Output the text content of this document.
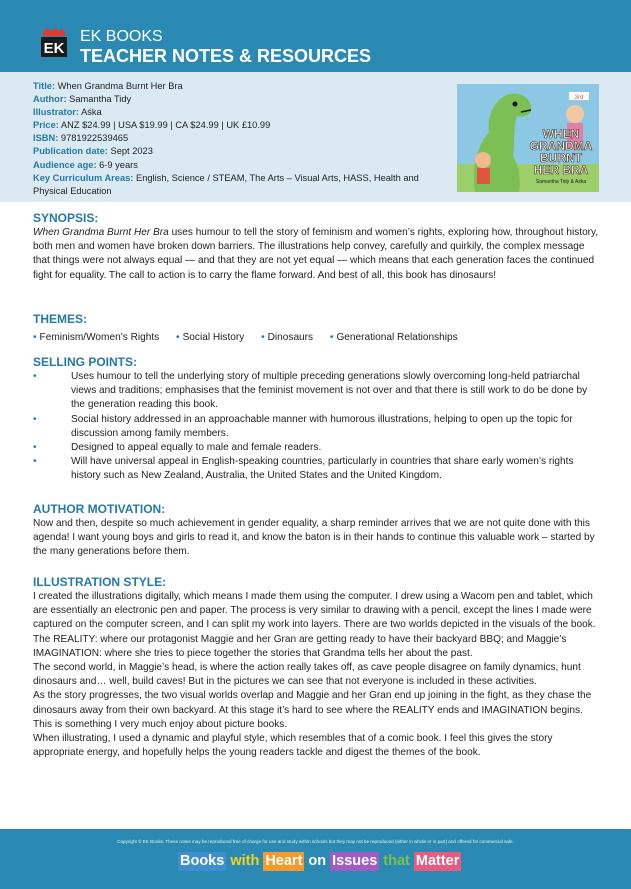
EK
EK BOOKS
TEACHER NOTES & RESOURCES
Title: When Grandma Burnt Her Bra
Author: Samantha Tidy
Illustrator: Aśka
Price: ANZ $24.99 | USA $19.99 | CA $24.99 | UK £10.99
ISBN: 9781922539465
Publication date: Sept 2023
Audience age: 6-9 years
Key Curriculum Areas: English, Science / STEAM, The Arts – Visual Arts, HASS, Health and Physical Education
3rd
WHEN
GRANDMA
BURNT
HER BRA
Samantha Tidy & Aśka

SYNOPSIS:

When Grandma Burnt Her Bra uses humour to tell the story of feminism and women’s rights, exploring how, throughout history, both men and women have broken down barriers. The illustrations help convey, carefully and quirkily, the complex message that things were not always equal — and that they are not yet equal — which means that each generation faces the continued fight for equality. The call to action is to carry the flame forward. And best of all, this book has dinosaurs!

THEMES:

• Feminism/Women’s Rights • Social History • Dinosaurs • Generational Relationships

SELLING POINTS:

•	Uses humour to tell the underlying story of multiple preceding generations slowly overcoming long-held patriarchal views and traditions; emphasises that the feminist movement is not over and that there is still work to do be done by the generation reading this book.
•	Social history addressed in an approachable manner with humorous illustrations, helping to open up the topic for discussion among family members.
•	Designed to appeal equally to male and female readers.
•	Will have universal appeal in English-speaking countries, particularly in countries that share early women’s rights history such as New Zealand, Australia, the United States and the United Kingdom.

AUTHOR MOTIVATION:

Now and then, despite so much achievement in gender equality, a sharp reminder arrives that we are not quite done with this agenda! I want young boys and girls to read it, and know the baton is in their hands to continue this valuable work – started by the many generations before them.

ILLUSTRATION STYLE:

I created the illustrations digitally, which means I made them using the computer. I drew using a Wacom pen and tablet, which are essentially an electronic pen and paper. The process is very similar to drawing with a pencil, except the lines I made were captured on the computer screen, and I can split my work into layers. There are two worlds depicted in the visuals of the book. The REALITY: where our protagonist Maggie and her Gran are getting ready to have their backyard BBQ; and Maggie’s IMAGINATION: where she tries to piece together the stories that Grandma tells her about the past.

The second world, in Maggie’s head, is where the action really takes off, as cave people disagree on family dynamics, hunt dinosaurs and… well, build caves! But in the pictures we can see that not everyone is included in these activities.

As the story progresses, the two visual worlds overlap and Maggie and her Gran end up joining in the fight, as they chase the dinosaurs away from their own backyard. At this stage it’s hard to see where the REALITY ends and IMAGINATION begins. This is something I very much enjoy about picture books.

When illustrating, I used a dynamic and playful style, which resembles that of a comic book. I feel this gives the story appropriate energy, and hopefully helps the young readers tackle and digest the themes of the book.

Copyright © EK Books. These notes may be reproduced free of charge for use and study within schools but they may not be reproduced (either in whole or in part) and offered for commercial sale.
Books with Heart on Issues that Matter
